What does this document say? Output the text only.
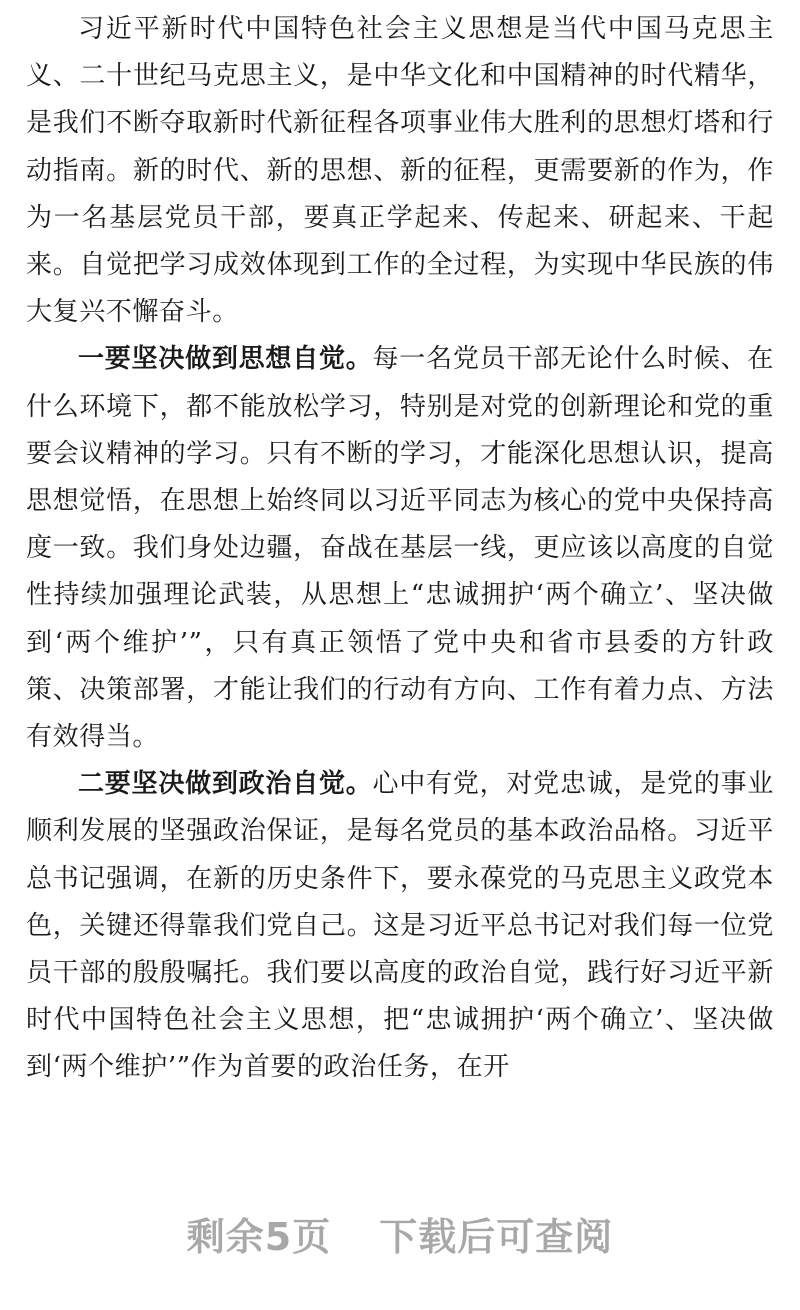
习近平新时代中国特色社会主义思想是当代中国马克思主义、二十世纪马克思主义，是中华文化和中国精神的时代精华，是我们不断夺取新时代新征程各项事业伟大胜利的思想灯塔和行动指南。新的时代、新的思想、新的征程，更需要新的作为，作为一名基层党员干部，要真正学起来、传起来、研起来、干起来。自觉把学习成效体现到工作的全过程，为实现中华民族的伟大复兴不懈奋斗。

一要坚决做到思想自觉。每一名党员干部无论什么时候、在什么环境下，都不能放松学习，特别是对党的创新理论和党的重要会议精神的学习。只有不断的学习，才能深化思想认识，提高思想觉悟，在思想上始终同以习近平同志为核心的党中央保持高度一致。我们身处边疆，奋战在基层一线，更应该以高度的自觉性持续加强理论武装，从思想上“忠诚拥护‘两个确立’、坚决做到‘两个维护’”，只有真正领悟了党中央和省市县委的方针政策、决策部署，才能让我们的行动有方向、工作有着力点、方法有效得当。

二要坚决做到政治自觉。心中有党，对党忠诚，是党的事业顺利发展的坚强政治保证，是每名党员的基本政治品格。习近平总书记强调，在新的历史条件下，要永葆党的马克思主义政党本色，关键还得靠我们党自己。这是习近平总书记对我们每一位党员干部的殷殷嘱托。我们要以高度的政治自觉，践行好习近平新时代中国特色社会主义思想，把“忠诚拥护‘两个确立’、坚决做到‘两个维护’”作为首要的政治任务，在开

剩余5页 下载后可查阅
